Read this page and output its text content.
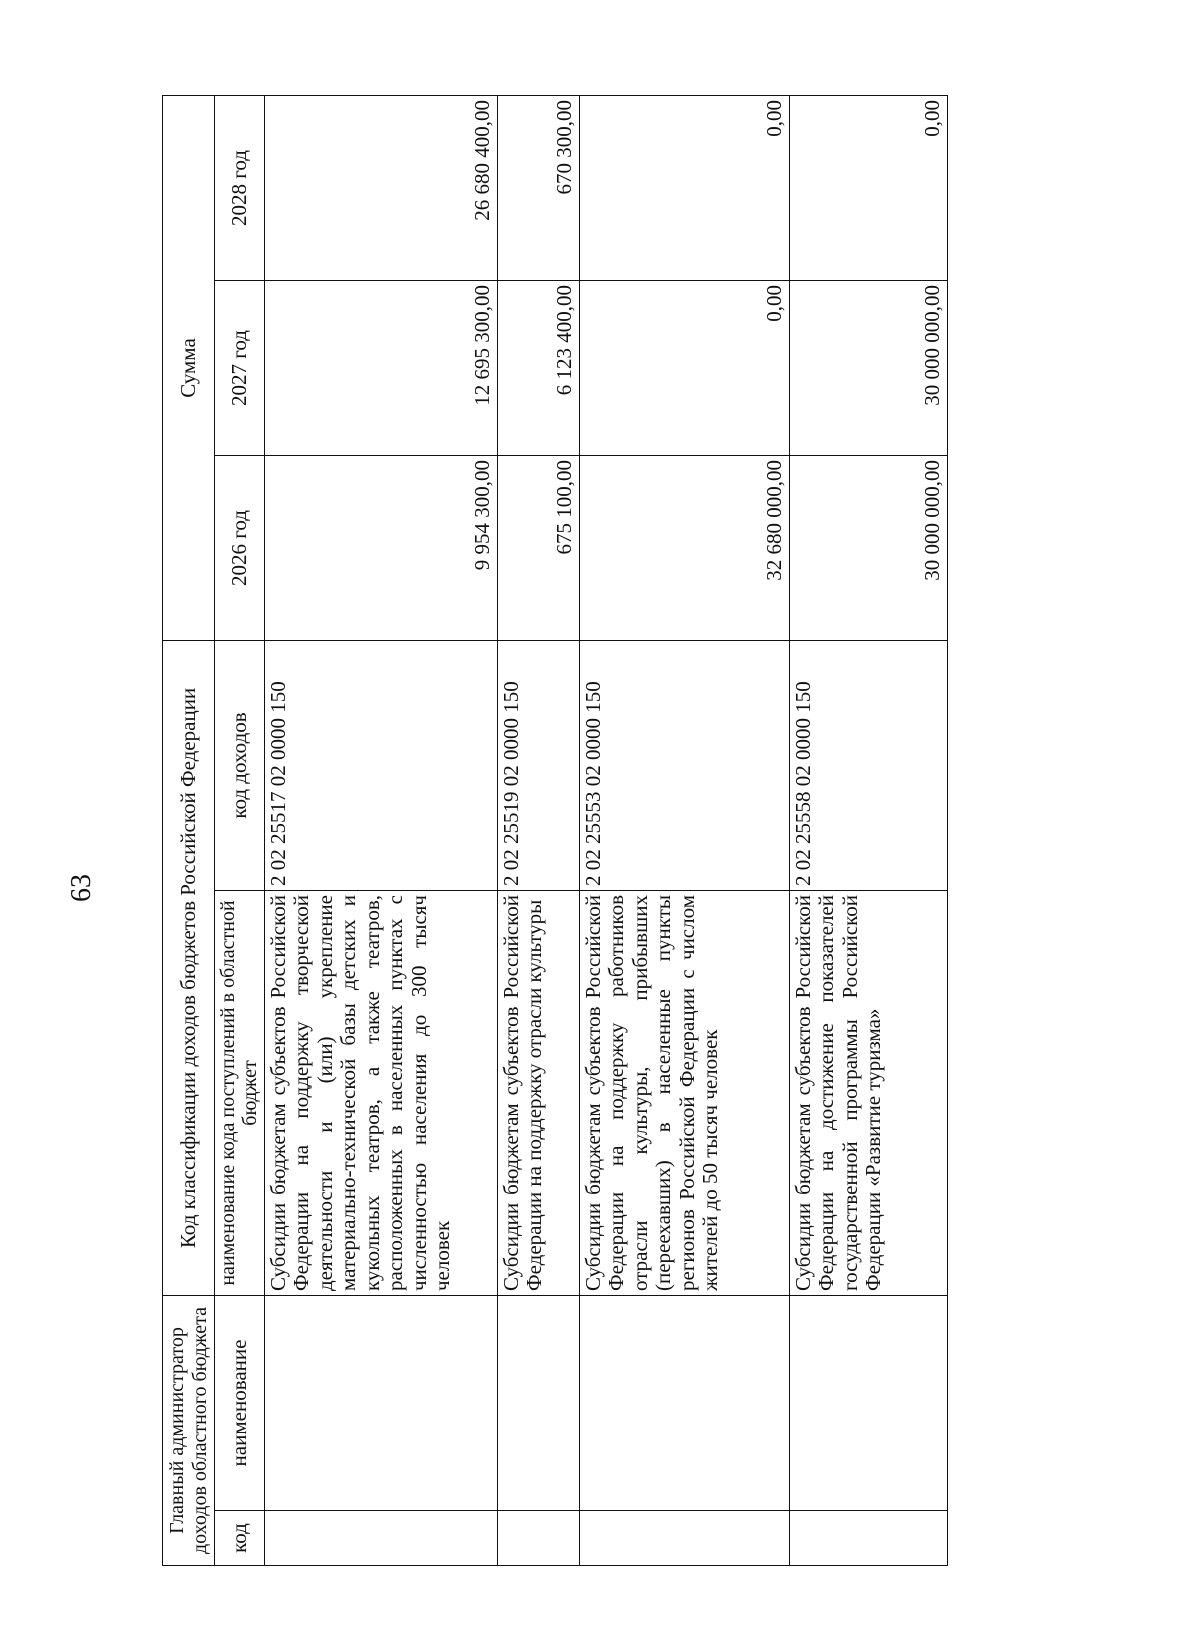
63
Главный администратор доходов областного бюджета		Код классификации доходов бюджетов Российской Федерации		Сумма		
код	наименование	наименование кода поступлений в областной бюджет	код доходов	2026 год	2027 год	2028 год
		Субсидии бюджетам субъектов Российской Федерации на поддержку творческой деятельности и (или) укрепление материально-технической базы детских и кукольных театров, а также театров, расположенных в населенных пунктах с численностью населения до 300 тысяч человек	2 02 25517 02 0000 150	9 954 300,00	12 695 300,00	26 680 400,00
		Субсидии бюджетам субъектов Российской Федерации на поддержку отрасли культуры	2 02 25519 02 0000 150	675 100,00	6 123 400,00	670 300,00
		Субсидии бюджетам субъектов Российской Федерации на поддержку работников отрасли культуры, прибывших (переехавших) в населенные пункты регионов Российской Федерации с числом жителей до 50 тысяч человек	2 02 25553 02 0000 150	32 680 000,00	0,00	0,00
		Субсидии бюджетам субъектов Российской Федерации на достижение показателей государственной программы Российской Федерации «Развитие туризма»	2 02 25558 02 0000 150	30 000 000,00	30 000 000,00	0,00
